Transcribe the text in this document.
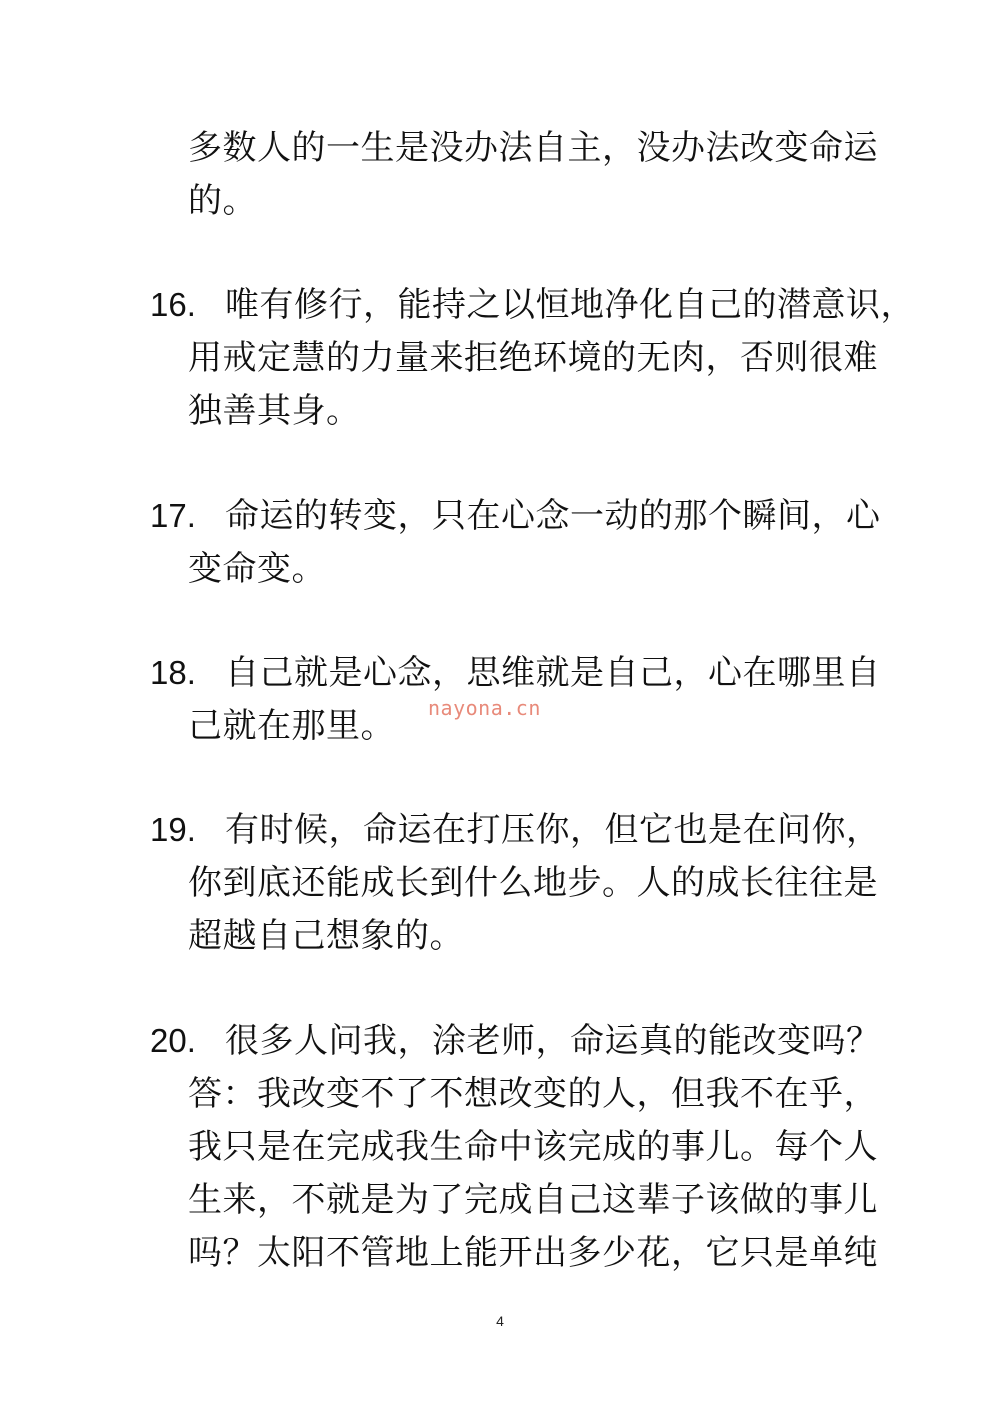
多数人的一生是没办法自主，没办法改变命运
的。
16. 唯有修行，能持之以恒地净化自己的潜意识，
用戒定慧的力量来拒绝环境的无肉，否则很难
独善其身。
17. 命运的转变，只在心念一动的那个瞬间，心
变命变。
18. 自己就是心念，思维就是自己，心在哪里自
己就在那里。 nayona.cn
19. 有时候，命运在打压你，但它也是在问你，
你到底还能成长到什么地步。人的成长往往是
超越自己想象的。
20. 很多人问我，涂老师，命运真的能改变吗？
答：我改变不了不想改变的人，但我不在乎，
我只是在完成我生命中该完成的事儿。每个人
生来，不就是为了完成自己这辈子该做的事儿
吗？太阳不管地上能开出多少花，它只是单纯
4
